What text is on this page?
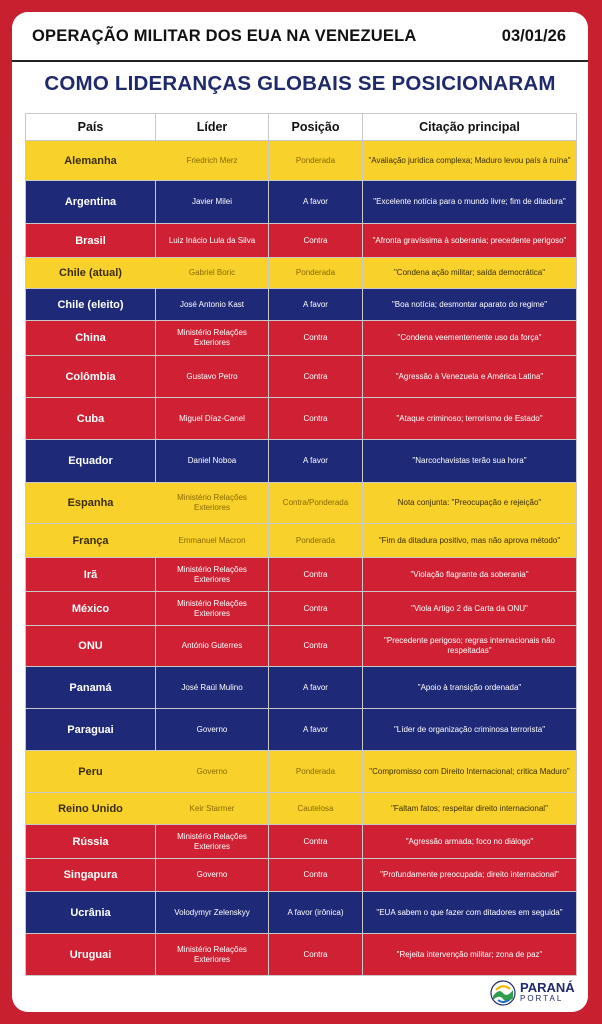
OPERAÇÃO MILITAR DOS EUA NA VENEZUELA	03/01/26
COMO LIDERANÇAS GLOBAIS SE POSICIONARAM
País	Líder	Posição	Citação principal
Alemanha	Friedrich Merz	Ponderada	"Avaliação jurídica complexa; Maduro levou país à ruína"
Argentina	Javier Milei	A favor	"Excelente notícia para o mundo livre; fim de ditadura"
Brasil	Luiz Inácio Lula da Silva	Contra	"Afronta gravíssima à soberania; precedente perigoso"
Chile (atual)	Gabriel Boric	Ponderada	"Condena ação militar; saída democrática"
Chile (eleito)	José Antonio Kast	A favor	"Boa notícia; desmontar aparato do regime"
China	Ministério Relações Exteriores	Contra	"Condena veementemente uso da força"
Colômbia	Gustavo Petro	Contra	"Agressão à Venezuela e América Latina"
Cuba	Miguel Díaz-Canel	Contra	"Ataque criminoso; terrorismo de Estado"
Equador	Daniel Noboa	A favor	"Narcochavistas terão sua hora"
Espanha	Ministério Relações Exteriores	Contra/Ponderada	Nota conjunta: "Preocupação e rejeição"
França	Emmanuel Macron	Ponderada	"Fim da ditadura positivo, mas não aprova método"
Irã	Ministério Relações Exteriores	Contra	"Violação flagrante da soberania"
México	Ministério Relações Exteriores	Contra	"Viola Artigo 2 da Carta da ONU"
ONU	António Guterres	Contra	"Precedente perigoso; regras internacionais não respeitadas"
Panamá	José Raúl Mulino	A favor	"Apoio à transição ordenada"
Paraguai	Governo	A favor	"Líder de organização criminosa terrorista"
Peru	Governo	Ponderada	"Compromisso com Direito Internacional; critica Maduro"
Reino Unido	Keir Starmer	Cautelosa	"Faltam fatos; respeitar direito internacional"
Rússia	Ministério Relações Exteriores	Contra	"Agressão armada; foco no diálogo"
Singapura	Governo	Contra	"Profundamente preocupada; direito internacional"
Ucrânia	Volodymyr Zelenskyy	A favor (irônica)	"EUA sabem o que fazer com ditadores em seguida"
Uruguai	Ministério Relações Exteriores	Contra	"Rejeita intervenção militar; zona de paz"
PARANÁ
PORTAL
